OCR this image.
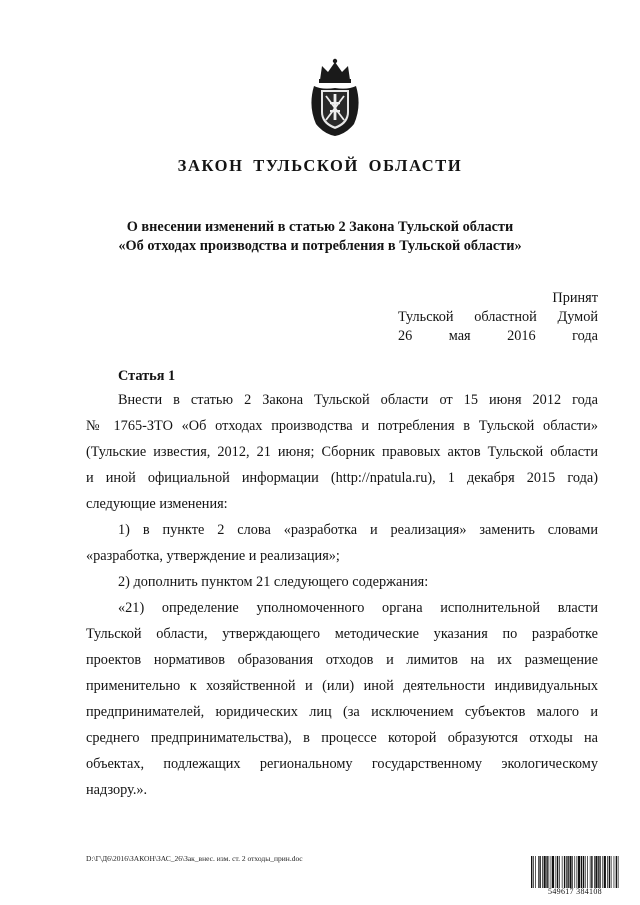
ЗАКОН ТУЛЬСКОЙ ОБЛАСТИ
О внесении изменений в статью 2 Закона Тульской области
«Об отходах производства и потребления в Тульской области»
Принят
Тульской областной Думой
26 мая 2016 года
Статья 1
Внести в статью 2 Закона Тульской области от 15 июня 2012 года
№ 1765-ЗТО «Об отходах производства и потребления в Тульской области»
(Тульские известия, 2012, 21 июня; Сборник правовых актов Тульской области
и иной официальной информации (http://npatula.ru), 1 декабря 2015 года)
следующие изменения:
1) в пункте 2 слова «разработка и реализация» заменить словами
«разработка, утверждение и реализация»;
2) дополнить пунктом 21 следующего содержания:
«21) определение уполномоченного органа исполнительной власти
Тульской области, утверждающего методические указания по разработке
проектов нормативов образования отходов и лимитов на их размещение
применительно к хозяйственной и (или) иной деятельности индивидуальных
предпринимателей, юридических лиц (за исключением субъектов малого и
среднего предпринимательства), в процессе которой образуются отходы на
объектах, подлежащих региональному государственному экологическому
надзору.».
D:\Г\Д6\2016\ЗАКОН\ЗАС_26\Зак_внес. изм. ст. 2 отходы_прин.doc
549617 384108
